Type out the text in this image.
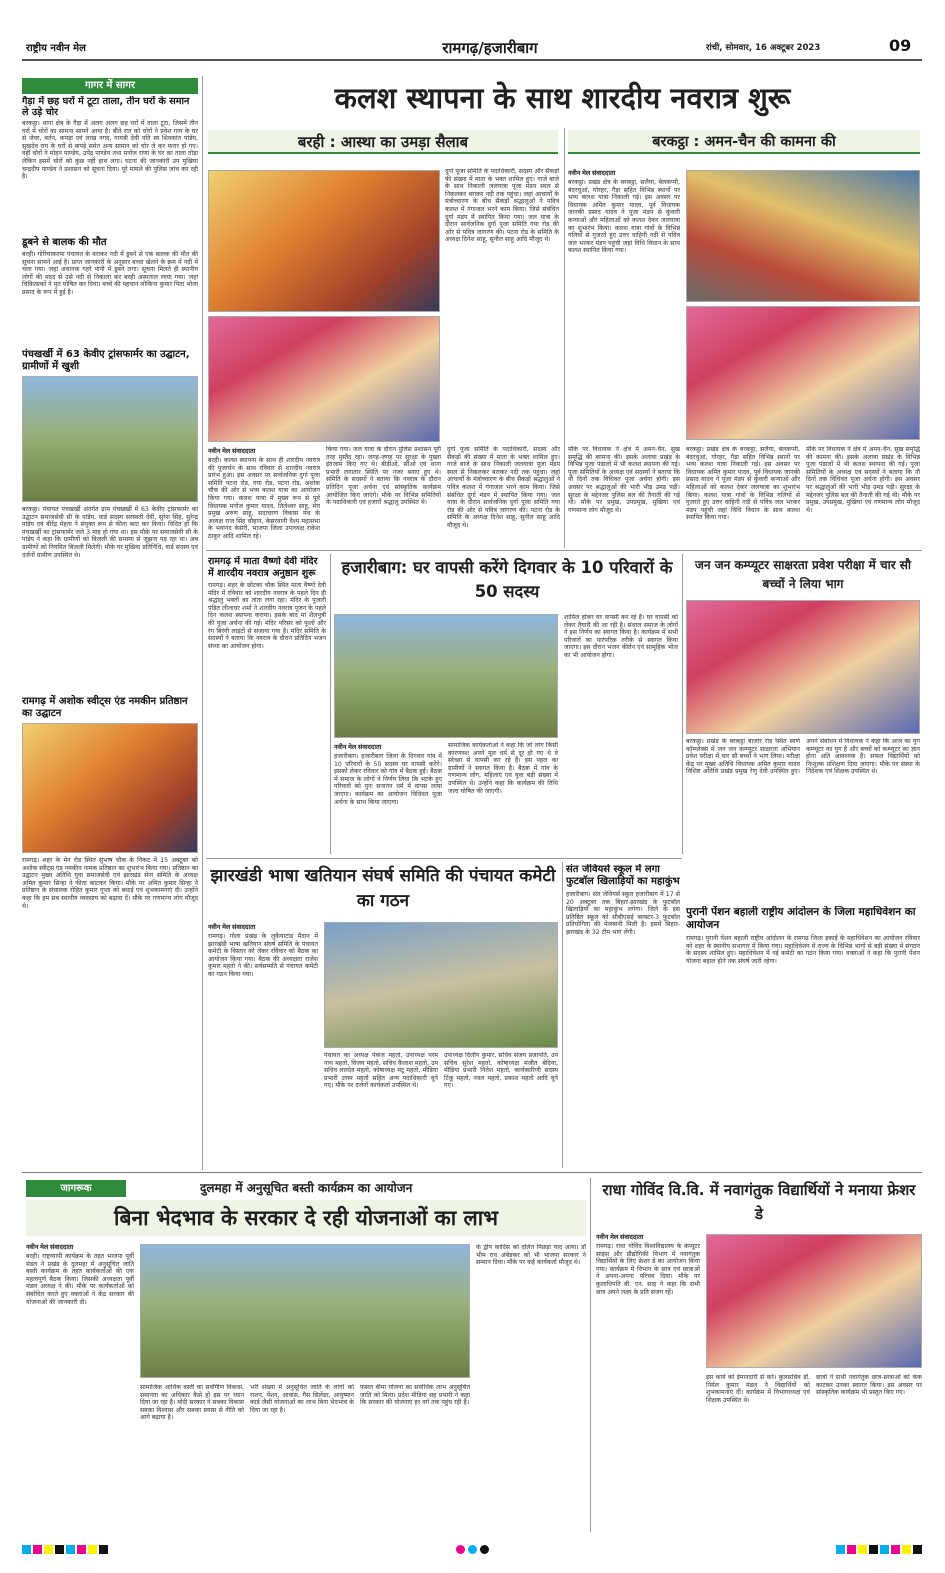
राष्ट्रीय नवीन मेल	रामगढ़/हजारीबाग	रांची, सोमवार, 16 अक्टूबर 2023	09
कलश स्थापना के साथ शारदीय नवरात्र शुरू
गागर में सागर
गैड़ा में छह घरों में टूटा ताला, तीन घरों के समान ले उड़े चोर
बरकट्ठा। थाना क्षेत्र के गैड़ा में अलग अलग छह घरों में ताला टूटा, जिसमें तीन घरों में चोरों का सामना सामने आया है। बीते रात को चोरों ने प्रवेश गाय के घर से जेवर, बर्तन, कपड़ा एवं लाख नगद, गायत्री देवी पति स्व शिवकांत पांडेय, सुखदेव राय के घरों से कपड़े समेत अन्य सामान को चोर ले कर फरार हो गए। वहीं चोरों ने मोहन पाण्डेय, उपेंद्र पाण्डेय तथा मनोज राणा के घर का ताला तोड़ा लेकिन इसमें चोरों को कुछ नहीं हाथ लगा। घटना की जानकारी उप मुखिया चन्द्रदीप पाण्डेय ने प्रशासन को सूचना दिया। पूरे मामले की पुलिस जांच कर रही है।
डूबने से बालक की मौत
बरही। गोरियाकरमा पंचायत के बराकर नदी में डूबने से एक बालक की मौत की सूचना सामने आई है। प्राप्त जानकारी के अनुसार बच्चा खेलने के क्रम में नदी में चला गया। जहां अचानक गहरे पानी में डूबने लगा। सूचना मिलते ही स्थानीय लोगों की मदद से उसे नदी से निकाला कर बरही अस्पताल लाया गया। जहां चिकित्सकों ने मृत घोषित कर दिया। बच्चे की पहचान लोकिना कुमार पिता भोला प्रसाद के रूप में हुई है।
पंचखर्खी में 63 केवीए ट्रांसफार्मर का उद्घाटन, ग्रामीणों में खुशी
बरकट्ठा। पंचायत पंचखर्खी अंतर्गत ग्राम पंचखर्खी में 63 केवीए ट्रांसफार्मर का उद्घाटन समाजसेवी सी के पांडेय, वार्ड सदस्य सरस्वती देवी, सुरेश सिंह, सुरेन्द्र पांडेय एवं बीरेंद्र मेहता ने संयुक्त रूप से फीता काट कर किया। विदित हो कि पंचखर्खी का ट्रांसफार्मर जले 3 माह हो गया था। इस मौके पर समाजसेवी सी के पांडेय ने कहा कि ग्रामीणों को बिजली की समस्या से जूझना पड़ रहा था। अब ग्रामीणों को नियमित बिजली मिलेगी। मौके पर मुखिया प्रतिनिधि, वार्ड सदस्य एवं दर्जनों ग्रामीण उपस्थित थे।
रामगढ़ में अशोक स्वीट्स एंड नमकीन प्रतिष्ठान का उद्घाटन
रामगढ़। शहर के मेन रोड स्थित सुभाष चौक के निकट में 15 अक्टूबर को अशोक स्वीट्स एंड नमकीन नामक प्रतिष्ठान का शुभारंभ किया गया। प्रतिष्ठान का उद्घाटन मुख्य अतिथि युवा समाजसेवी एवं झारखंड सेना समिति के अध्यक्ष अमित कुमार सिन्हा ने फीता काटकर किया। मौके पर अमित कुमार सिन्हा ने प्रतिष्ठान के संचालक रोहित कुमार गुप्ता को बधाई एवं शुभकामनाएं दी। उन्होंने कहा कि हम सब स्थानीय व्यवसाय को बढ़ावा दें। मौके पर गणमान्य लोग मौजूद थे।
बरही : आस्था का उमड़ा सैलाब
दुर्गा पूजा समिति के पदाधिकारी, सदस्य और सैकड़ों की संख्या में माता के भक्त शामिल हुए। गाजे बाजे के साथ निकाली जलयात्रा पूजा मंडप स्थल से निकलकर बराकर नदी तक पहुंचा। जहां आचार्यों के मंत्रोच्चारण के बीच सैकड़ों श्रद्धालुओं ने पवित्र कलश में गंगाजल भरने काम किया। जिसे संबंधित दुर्गा मंडप में स्थापित किया गया। जल यात्रा के दौरान सार्वजनिक दुर्गा पूजा समिति गया रोड की ओर से पवित्र जागरण की। पटना रोड के समिति के अध्यक्ष दिनेश साहू, सुनील साहू आदि मौजूद थे।
नवीन मेल संवाददाता
बरही। कलश स्थापना के साथ ही शारदीय नवरात्र की पूजार्चन के साथ रविवार से शारदीय नवरात्र प्रारंभ हुआ। इस अवसर पर सार्वजनिक दुर्गा पूजा समिति पटना रोड, गया रोड, पटना रोड, अशोक चौक की ओर से भव्य कलश यात्रा का आयोजन किया गया। कलश यात्रा में मुख्य रूप से पूर्व विधायक मनोज कुमार यादव, तिलेश्वर साहू, मेघ प्रमुख अरुण साहू, सदाचरण विकास मंच के अध्यक्ष राज सिंह चौहान, केसरवानी वैश्य महासभा के भवानंद केसरी, भाजपा जिला उपाध्यक्ष राकेश ठाकुर आदि शामिल रहे।
किया गया। जल यात्रा के दौरान पुलिस प्रशासन पूरी तरह मुस्तैद रहा। जगह-जगह पर सुरक्षा के पुख्ता इंतजाम किए गए थे। बीडीओ, सीओ एवं थाना प्रभारी लगातार स्थिति पर नजर बनाए हुए थे। समिति के सदस्यों ने बताया कि नवरात्र के दौरान प्रतिदिन पूजा अर्चना एवं सांस्कृतिक कार्यक्रम आयोजित किए जाएंगे। मौके पर विभिन्न समितियों के पदाधिकारी एवं हजारों श्रद्धालु उपस्थित थे।
दुर्गा पूजा समिति के पदाधिकारी, सदस्य और सैकड़ों की संख्या में माता के भक्त शामिल हुए। गाजे बाजे के साथ निकाली जलयात्रा पूजा मंडप स्थल से निकलकर बराकर नदी तक पहुंचा। जहां आचार्यों के मंत्रोच्चारण के बीच सैकड़ों श्रद्धालुओं ने पवित्र कलश में गंगाजल भरने काम किया। जिसे संबंधित दुर्गा मंडप में स्थापित किया गया। जल यात्रा के दौरान सार्वजनिक दुर्गा पूजा समिति गया रोड की ओर से पवित्र जागरण की। पटना रोड के समिति के अध्यक्ष दिनेश साहू, सुनील साहू आदि मौजूद थे।
बरकट्ठा : अमन-चैन की कामना की
नवीन मेल संवाददाता
बरकट्ठा। प्रखंड क्षेत्र के बरकट्ठा, सलैया, बेलकप्पी, बंदरचुआं, गोरहर, गैड़ा सहित विभिन्न स्थानों पर भव्य कलश यात्रा निकाली गई। इस अवसर पर विधायक अमित कुमार यादव, पूर्व विधायक जानकी प्रसाद यादव ने पूजा मंडप से कुंवारी कन्याओं और महिलाओं को कलश देकर जलयात्रा का शुभारंभ किया। कलश यात्रा गांवों के विभिन्न गलियों से गुजरते हुए उत्तर वाहिनी नदी से पवित्र जल भरकर मंडप पहुंची जहां विधि विधान के साथ कलश स्थापित किया गया।
मौके पर विधायक ने क्षेत्र में अमन-चैन, सुख समृद्धि की कामना की। इसके अलावा प्रखंड के विभिन्न पूजा पंडालों में भी कलश स्थापना की गई। पूजा समितियों के अध्यक्ष एवं सदस्यों ने बताया कि नौ दिनों तक विधिवत पूजा अर्चना होगी। इस अवसर पर श्रद्धालुओं की भारी भीड़ उमड़ पड़ी। सुरक्षा के मद्देनजर पुलिस बल की तैनाती की गई थी। मौके पर प्रमुख, उपप्रमुख, मुखिया एवं गणमान्य लोग मौजूद थे।
बरकट्ठा। प्रखंड क्षेत्र के बरकट्ठा, सलैया, बेलकप्पी, बंदरचुआं, गोरहर, गैड़ा सहित विभिन्न स्थानों पर भव्य कलश यात्रा निकाली गई। इस अवसर पर विधायक अमित कुमार यादव, पूर्व विधायक जानकी प्रसाद यादव ने पूजा मंडप से कुंवारी कन्याओं और महिलाओं को कलश देकर जलयात्रा का शुभारंभ किया। कलश यात्रा गांवों के विभिन्न गलियों से गुजरते हुए उत्तर वाहिनी नदी से पवित्र जल भरकर मंडप पहुंची जहां विधि विधान के साथ कलश स्थापित किया गया।
मौके पर विधायक ने क्षेत्र में अमन-चैन, सुख समृद्धि की कामना की। इसके अलावा प्रखंड के विभिन्न पूजा पंडालों में भी कलश स्थापना की गई। पूजा समितियों के अध्यक्ष एवं सदस्यों ने बताया कि नौ दिनों तक विधिवत पूजा अर्चना होगी। इस अवसर पर श्रद्धालुओं की भारी भीड़ उमड़ पड़ी। सुरक्षा के मद्देनजर पुलिस बल की तैनाती की गई थी। मौके पर प्रमुख, उपप्रमुख, मुखिया एवं गणमान्य लोग मौजूद थे।
रामगढ़ में माता वैष्णो देवी मंदिर में शारदीय नवरात्र अनुष्ठान शुरू
रामगढ़। शहर के छोटका चौक स्थित माता वैष्णो देवी मंदिर में रविवार को शारदीय नवरात्र के पहले दिन ही श्रद्धालु भक्तों का तांता लगा रहा। मंदिर के पुजारी पंडित लीलाधर शर्मा ने शारदीय नवरात्र पूजन के पहले दिन कलश स्थापना कराया। इसके बाद मां शैलपुत्री की पूजा अर्चना की गई। मंदिर परिसर को फूलों और रंग बिरंगी लाइटों से सजाया गया है। मंदिर समिति के सदस्यों ने बताया कि नवरात्र के दौरान प्रतिदिन भजन संध्या का आयोजन होगा।
हजारीबाग: घर वापसी करेंगे दिगवार के 10 परिवारों के 50 सदस्य
नवीन मेल संवाददाता
हजारीबाग। हजारीबाग जिला के दिगवार गांव में 10 परिवारों के 50 सदस्य घर वापसी करेंगे। इसको लेकर रविवार को गांव में बैठक हुई। बैठक में समाज के लोगों ने निर्णय लिया कि भटके हुए परिवारों को पुनः सनातन धर्म में वापस लाया जाएगा। कार्यक्रम का आयोजन विधिवत पूजा अर्चना के साथ किया जाएगा।
सामाजिक कार्यकर्ताओं ने कहा कि जो लोग किसी कारणवश अपने मूल धर्म से दूर हो गए थे वे स्वेच्छा से वापसी कर रहे हैं। इस पहल का ग्रामीणों ने स्वागत किया है। बैठक में गांव के गणमान्य लोग, महिलाएं एवं युवा बड़ी संख्या में उपस्थित थे। उन्होंने कहा कि कार्यक्रम की तिथि जल्द घोषित की जाएगी।
शामिल होकर घर वापसी कर रहे हैं। घर वापसी को लेकर तैयारी की जा रही है। संथाल समाज के लोगों ने इस निर्णय का स्वागत किया है। कार्यक्रम में सभी परिवारों का पारंपरिक तरीके से स्वागत किया जाएगा। इस दौरान भजन कीर्तन एवं सामूहिक भोज का भी आयोजन होगा।
जन जन कम्प्यूटर साक्षरता प्रवेश परीक्षा में चार सौ बच्चों ने लिया भाग
बरकट्ठा। प्रखंड के बरकट्ठा बाजार रोड स्थित स्वर्ण कॉम्प्लेक्स में जन जन कम्प्यूटर साक्षरता अभियान प्रवेश परीक्षा में चार सौ बच्चों ने भाग लिया। परीक्षा केंद्र पर मुख्य अतिथि विधायक अमित कुमार यादव विशिष्ट अतिथि प्रखंड प्रमुख रेणु देवी उपस्थित हुए। अपने संबोधन में विधायक ने कहा कि आज का युग कम्प्यूटर का युग है और बच्चों को कम्प्यूटर का ज्ञान होना अति आवश्यक है। सफल विद्यार्थियों को निःशुल्क प्रशिक्षण दिया जाएगा। मौके पर संस्था के निदेशक एवं शिक्षक उपस्थित थे।
झारखंडी भाषा खतियान संघर्ष समिति की पंचायत कमेटी का गठन
नवीन मेल संवाददाता
रामगढ़। गोला प्रखंड के लुकैयाटांड मैदान में झारखंडी भाषा खतियान संघर्ष समिति के पंचायत कमेटी के विस्तार को लेकर रविवार को बैठक का आयोजन किया गया। बैठक की अध्यक्षता राजेश कुमार महतो ने की। सर्वसम्मति से पंचायत कमेटी का गठन किया गया।
पंचायत का अध्यक्ष पंकज महतो, उपाध्यक्ष परम नाथ महतो, विजय महतो, सचिव कैलाश महतो, उप सचिव ललदेव महतो, कोषाध्यक्ष मंटू महतो, मीडिया प्रभारी उत्तम महतो सहित अन्य पदाधिकारी चुने गए। मौके पर दर्जनों कार्यकर्ता उपस्थित थे।
उपाध्यक्ष दिलीप कुमार, सचिव संजय प्रजापति, उप सचिव सुरेश महतो, कोषाध्यक्ष मंजीत बेदिया, मीडिया प्रभारी नितेश महतो, कार्यकारिणी सदस्य टिंकू महतो, नवल महतो, प्रकाश महतो आदि चुने गए।
संत जेवियर्स स्कूल में लगा फुटबॉल खिलाड़ियों का महाकुंभ
हजारीबाग। संत जेवियर्स स्कूल हजारीबाग में 17 से 20 अक्टूबर तक बिहार-झारखंड के फुटबॉल खिलाड़ियों का महाकुंभ लगेगा। जिले के इस प्रतिष्ठित स्कूल को सीबीएसई क्लस्टर-3 फुटबॉल प्रतियोगिता की मेजबानी मिली है। इसमें बिहार-झारखंड के 32 टीम भाग लेंगी।
पुरानी पेंशन बहाली राष्ट्रीय आंदोलन के जिला महाधिवेशन का आयोजन
रामगढ़। पुरानी पेंशन बहाली राष्ट्रीय आंदोलन के रामगढ़ जिला इकाई के महाधिवेशन का आयोजन रविवार को शहर के स्थानीय सभागार में किया गया। महाधिवेशन में राज्य के विभिन्न भागों से बड़ी संख्या में संगठन के सदस्य शामिल हुए। महाधिवेशन में नई कमेटी का गठन किया गया। वक्ताओं ने कहा कि पुरानी पेंशन योजना बहाल होने तक संघर्ष जारी रहेगा।
जागरूक	दुलमहा में अनुसूचित बस्ती कार्यक्रम का आयोजन
बिना भेदभाव के सरकार दे रही योजनाओं का लाभ
नवीन मेल संवाददाता
बरही। राष्ट्रव्यापी कार्यक्रम के तहत भाजपा पूर्वी मंडल ने प्रखंड के दुलमहा में अनुसूचित जाति बस्ती कार्यक्रम के तहत कार्यकर्ताओं की एक महत्वपूर्ण बैठक किया। जिसकी अध्यक्षता पूर्वी मंडल अध्यक्ष ने की। मौके पर कार्यकर्ताओं को संबोधित करते हुए वक्ताओं ने केंद्र सरकार की योजनाओं की जानकारी दी।
सामाजिक आर्थिक बस्ती का सर्वांगीण विकास, समानता का अधिकार कैसे हो इस पर ध्यान दिया जा रहा है। मोदी सरकार ने सबका विकास सबका विश्वास और सबका प्रयास से नीति को आगे बढ़ाया है।
भरी संख्या में अनुसूचित जाति के लोगों को राशन, पेंशन, आवास, गैस सिलेंडर, आयुष्मान कार्ड जैसी योजनाओं का लाभ बिना भेदभाव के दिया जा रहा है।
फसल बीमा योजना का सर्वाधिक लाभ अनुसूचित जाति को मिला। प्रदेश मीडिया सह प्रभारी ने कहा कि सरकार की योजनाएं हर वर्ग तक पहुंच रही हैं।
के द्वीप कादिस को दलित पिछड़ा याद आया। डॉ भीम राव अंबेडकर को भी भाजपा सरकार ने सम्मान दिया। मौके पर कई कार्यकर्ता मौजूद थे।
राधा गोविंद वि.वि. में नवागंतुक विद्यार्थियों ने मनाया फ्रेशर डे
नवीन मेल संवाददाता
रामगढ़। राधा गोविंद विश्वविद्यालय के कंप्यूटर साइंस और प्रौद्योगिकी विभाग में नवागंतुक विद्यार्थियों के लिए फ्रेशर डे का आयोजन किया गया। कार्यक्रम में विभाग के छात्र एवं छात्राओं ने अपना-अपना परिचय दिया। मौके पर कुलाधिपति बी. एन. साह ने कहा कि सभी छात्र अपने लक्ष्य के प्रति सजग रहें।
इस कार्य को ईमानदारी से करें। कुलसचिव डॉ. निर्मल कुमार मंडल ने विद्यार्थियों को शुभकामनाएं दीं। कार्यक्रम में विभागाध्यक्ष एवं शिक्षक उपस्थित थे।
छात्रों ने सभी नवागंतुक छात्र-छात्राओं को केक काटकर उनका स्वागत किया। इस अवसर पर सांस्कृतिक कार्यक्रम भी प्रस्तुत किए गए।
